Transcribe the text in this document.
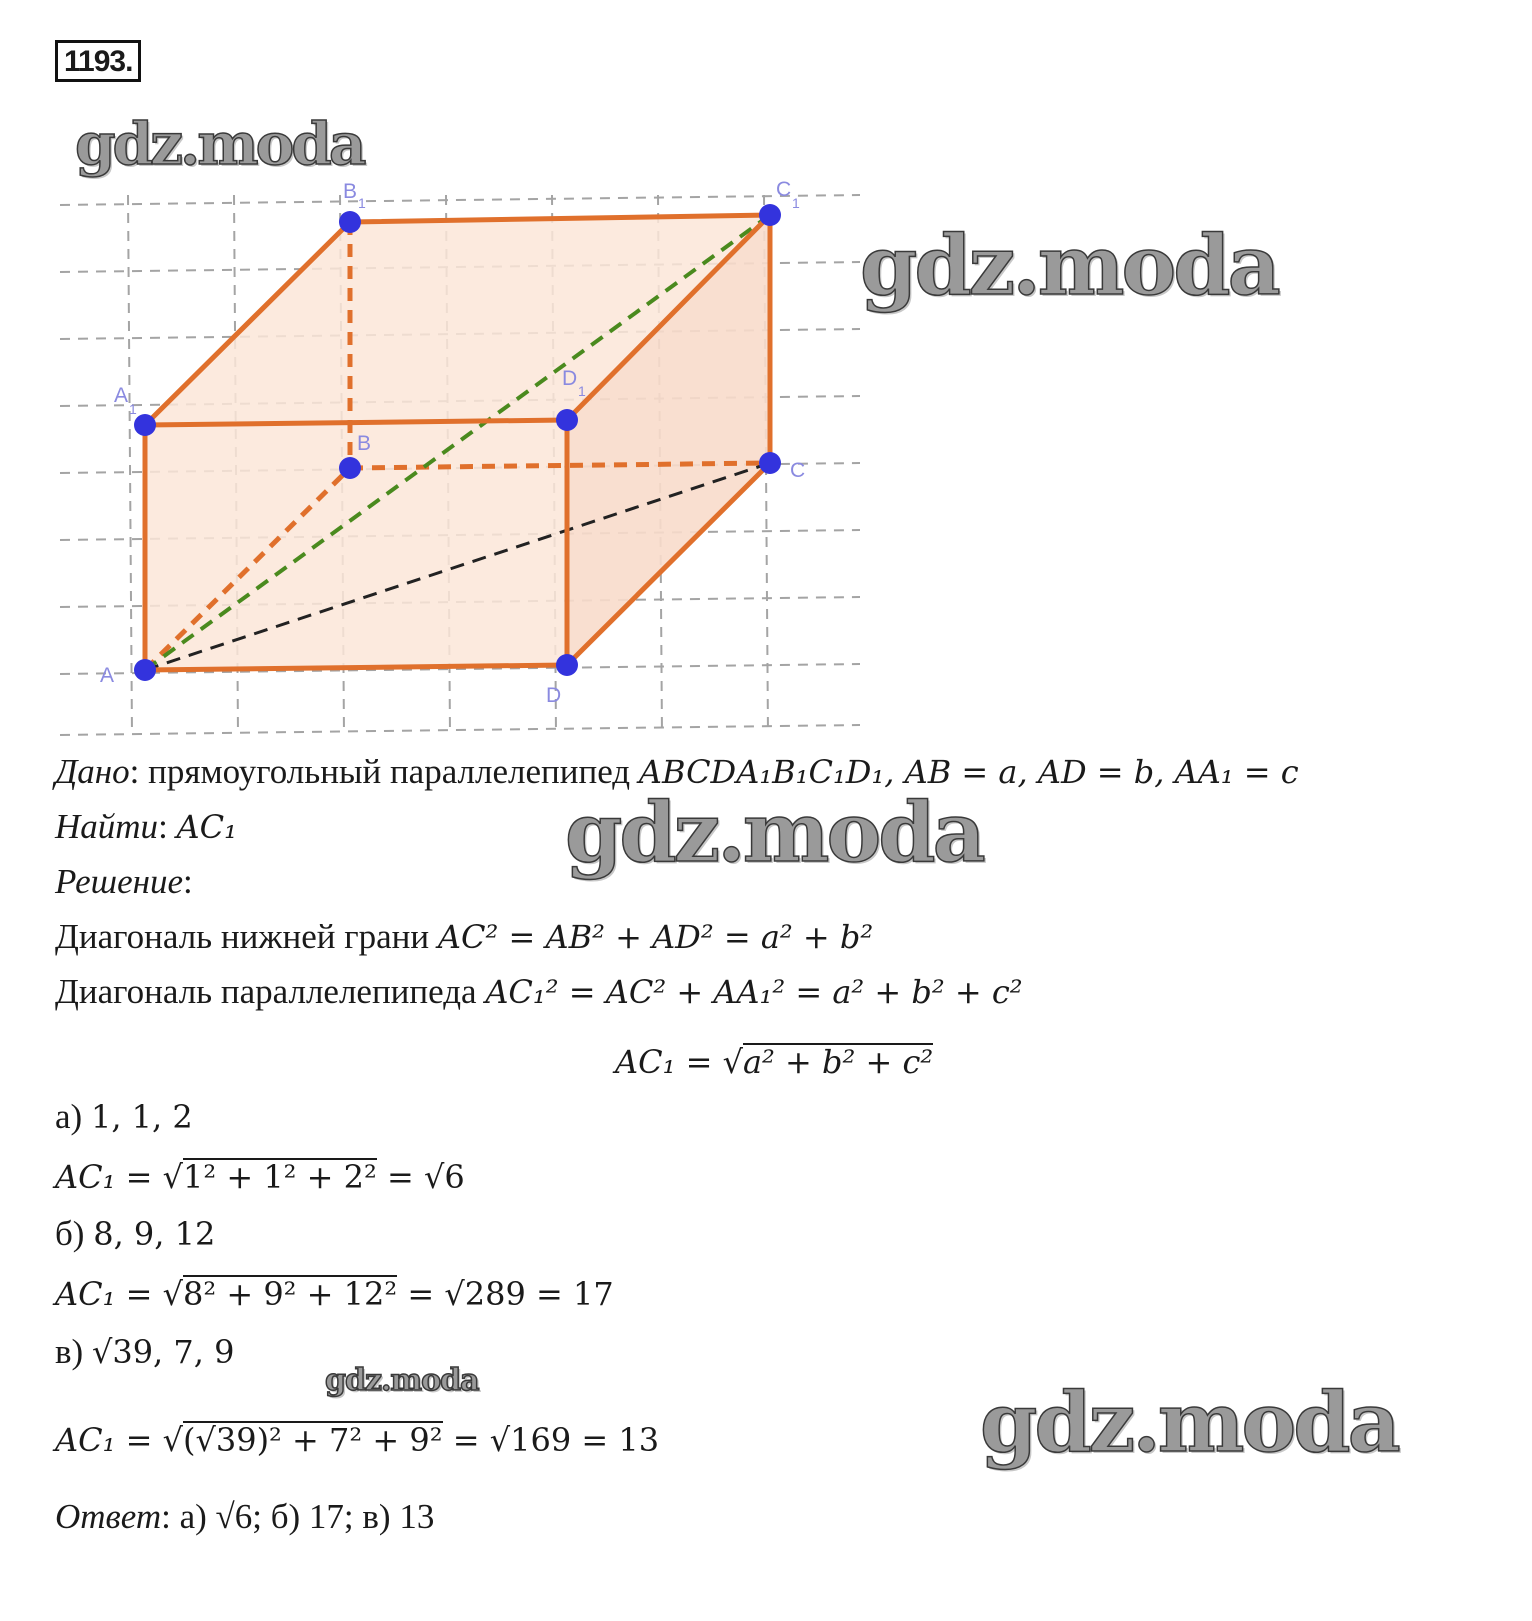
1193.
A
B
C
D
A
1
B 1
C
1
D
1
Дано: прямоугольный параллелепипед ABCDA₁B₁C₁D₁, AB = a, AD = b, AA₁ = c
Найти: AC₁
Решение:
Диагональ нижней грани AC² = AB² + AD² = a² + b²
Диагональ параллелепипеда AC₁² = AC² + AA₁² = a² + b² + c²
AC₁ = √a² + b² + c²
а) 1, 1, 2
AC₁ = √1² + 1² + 2² = √6
б) 8, 9, 12
AC₁ = √8² + 9² + 12² = √289 = 17
в) √39, 7, 9
AC₁ = √(√39)² + 7² + 9² = √169 = 13
Ответ: а) √6; б) 17; в) 13
gdz.moda
gdz.moda
gdz.moda
gdz.moda	gdz.moda
